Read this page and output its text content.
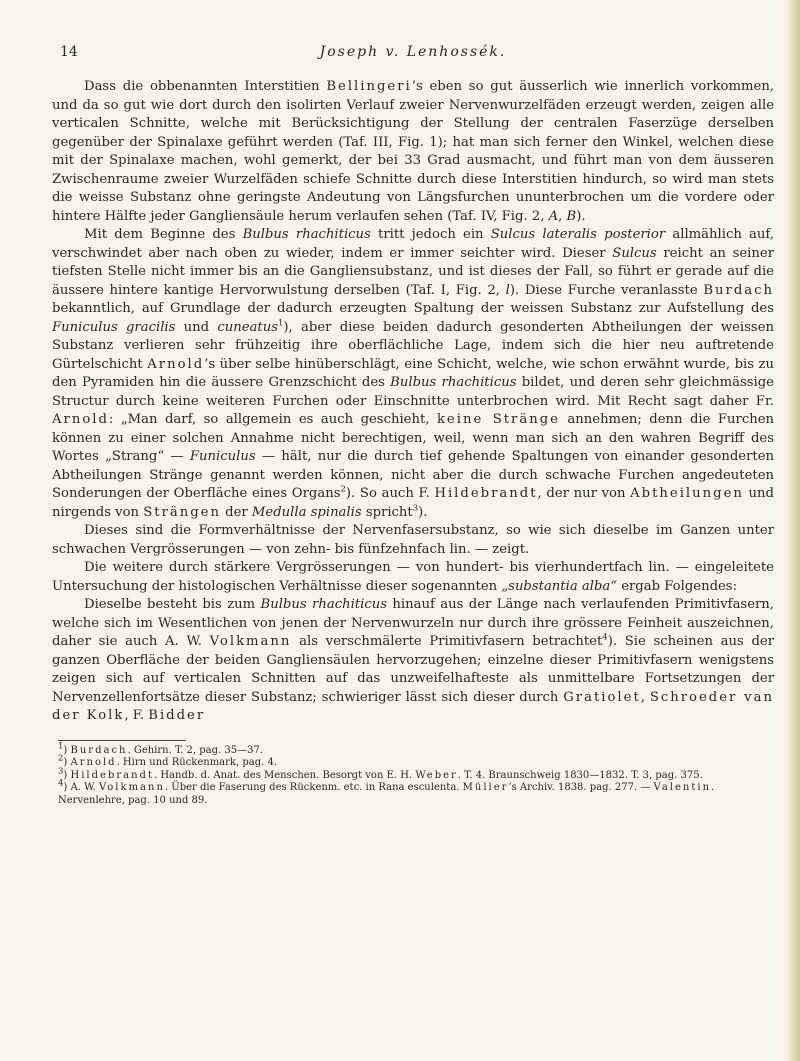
14	Joseph v. Lenhossék.

Dass die obbenannten Interstitien Bellingeri’s eben so gut äusserlich wie innerlich vorkommen, und da so gut wie dort durch den isolirten Verlauf zweier Nervenwurzelfäden erzeugt werden, zeigen alle verticalen Schnitte, welche mit Berücksichtigung der Stellung der centralen Faserzüge derselben gegenüber der Spinalaxe geführt werden (Taf. III, Fig. 1); hat man sich ferner den Winkel, welchen diese mit der Spinalaxe machen, wohl gemerkt, der bei 33 Grad ausmacht, und führt man von dem äusseren Zwischenraume zweier Wurzelfäden schiefe Schnitte durch diese Interstitien hindurch, so wird man stets die weisse Substanz ohne geringste Andeutung von Längsfurchen ununterbrochen um die vordere oder hintere Hälfte jeder Gangliensäule herum verlaufen sehen (Taf. IV, Fig. 2, A, B).

Mit dem Beginne des Bulbus rhachiticus tritt jedoch ein Sulcus lateralis posterior allmählich auf, verschwindet aber nach oben zu wieder, indem er immer seichter wird. Dieser Sulcus reicht an seiner tiefsten Stelle nicht immer bis an die Gangliensubstanz, und ist dieses der Fall, so führt er gerade auf die äussere hintere kantige Hervorwulstung derselben (Taf. I, Fig. 2, l). Diese Furche veranlasste Burdach bekanntlich, auf Grundlage der dadurch erzeugten Spaltung der weissen Substanz zur Aufstellung des Funiculus gracilis und cuneatus$^1$), aber diese beiden dadurch gesonderten Abtheilungen der weissen Substanz verlieren sehr frühzeitig ihre oberflächliche Lage, indem sich die hier neu auftretende Gürtelschicht Arnold’s über selbe hinüberschlägt, eine Schicht, welche, wie schon erwähnt wurde, bis zu den Pyramiden hin die äussere Grenzschicht des Bulbus rhachiticus bildet, und deren sehr gleichmässige Structur durch keine weiteren Furchen oder Einschnitte unterbrochen wird. Mit Recht sagt daher Fr. Arnold: „Man darf, so allgemein es auch geschieht, keine Stränge annehmen; denn die Furchen können zu einer solchen Annahme nicht berechtigen, weil, wenn man sich an den wahren Begriff des Wortes „Strang“ — Funiculus — hält, nur die durch tief gehende Spaltungen von einander gesonderten Abtheilungen Stränge genannt werden können, nicht aber die durch schwache Furchen angedeuteten Sonderungen der Oberfläche eines Organs$^2$). So auch F. Hildebrandt, der nur von Abtheilungen und nirgends von Strängen der Medulla spinalis spricht$^3$).

Dieses sind die Formverhältnisse der Nervenfasersubstanz, so wie sich dieselbe im Ganzen unter schwachen Vergrösserungen — von zehn- bis fünfzehnfach lin. — zeigt.

Die weitere durch stärkere Vergrösserungen — von hundert- bis vierhundertfach lin. — eingeleitete Untersuchung der histologischen Verhältnisse dieser sogenannten „substantia alba“ ergab Folgendes:

Dieselbe besteht bis zum Bulbus rhachiticus hinauf aus der Länge nach verlaufenden Primitivfasern, welche sich im Wesentlichen von jenen der Nervenwurzeln nur durch ihre grössere Feinheit auszeichnen, daher sie auch A. W. Volkmann als verschmälerte Primitivfasern betrachtet$^4$). Sie scheinen aus der ganzen Oberfläche der beiden Gangliensäulen hervorzugehen; einzelne dieser Primitivfasern wenigstens zeigen sich auf verticalen Schnitten auf das unzweifelhafteste als unmittelbare Fortsetzungen der Nervenzellenfortsätze dieser Substanz; schwieriger lässt sich dieser durch Gratiolet, Schroeder van der Kolk, F. Bidder

$^1$) Burdach. Gehirn. T. 2, pag. 35—37.

$^2$) Arnold. Hirn und Rückenmark, pag. 4.

$^3$) Hildebrandt. Handb. d. Anat. des Menschen. Besorgt von E. H. Weber. T. 4. Braunschweig 1830—1832. T. 3, pag. 375.

$^4$) A. W. Volkmann. Über die Faserung des Rückenm. etc. in Rana esculenta. Müller’s Archiv. 1838. pag. 277. — Valentin. Nervenlehre, pag. 10 und 89.
